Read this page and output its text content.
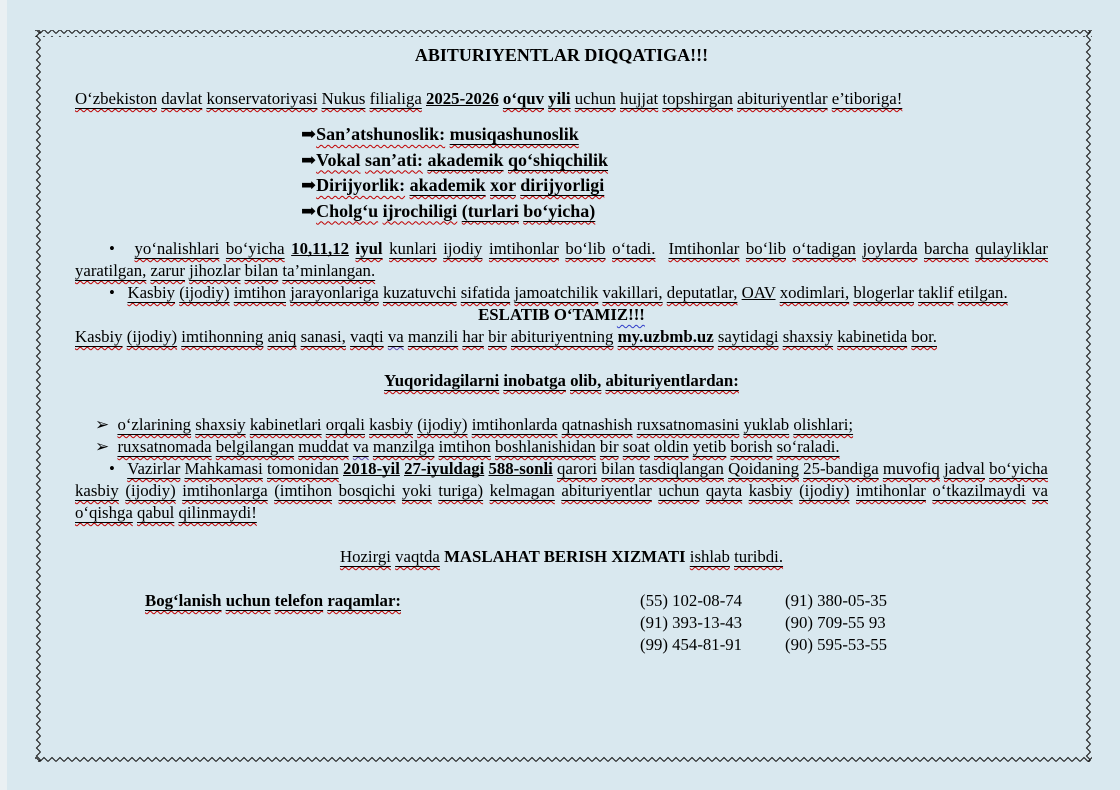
ABITURIYENTLAR DIQQATIGA!!!
O‘zbekiston davlat konservatoriyasi Nukus filialiga 2025-2026 o‘quv yili uchun hujjat topshirgan abituriyentlar e’tiboriga!
➡San’atshunoslik: musiqashunoslik
➡Vokal san’ati: akademik qo‘shiqchilik
➡Dirijyorlik: akademik xor dirijyorligi
➡Cholg‘u ijrochiligi (turlari bo‘yicha)
• yo‘nalishlari bo‘yicha 10,11,12 iyul kunlari ijodiy imtihonlar bo‘lib o‘tadi. Imtihonlar bo‘lib o‘tadigan joylarda barcha qulayliklar yaratilgan, zarur jihozlar bilan ta’minlangan.
• Kasbiy (ijodiy) imtihon jarayonlariga kuzatuvchi sifatida jamoatchilik vakillari, deputatlar, OAV xodimlari, blogerlar taklif etilgan.
ESLATIB O‘TAMIZ!!!
Kasbiy (ijodiy) imtihonning aniq sanasi, vaqti va manzili har bir abituriyentning my.uzbmb.uz saytidagi shaxsiy kabinetida bor.
Yuqoridagilarni inobatga olib, abituriyentlardan:
➢ o‘zlarining shaxsiy kabinetlari orqali kasbiy (ijodiy) imtihonlarda qatnashish ruxsatnomasini yuklab olishlari;
➢ ruxsatnomada belgilangan muddat va manzilga imtihon boshlanishidan bir soat oldin yetib borish so‘raladi.
• Vazirlar Mahkamasi tomonidan 2018-yil 27-iyuldagi 588-sonli qarori bilan tasdiqlangan Qoidaning 25-bandiga muvofiq jadval bo‘yicha kasbiy (ijodiy) imtihonlarga (imtihon bosqichi yoki turiga) kelmagan abituriyentlar uchun qayta kasbiy (ijodiy) imtihonlar o‘tkazilmaydi va o‘qishga qabul qilinmaydi!
Hozirgi vaqtda MASLAHAT BERISH XIZMATI ishlab turibdi.
Bog‘lanish uchun telefon raqamlar:	(55) 102-08-74	(91) 380-05-35
(91) 393-13-43	(90) 709-55 93
(99) 454-81-91	(90) 595-53-55
